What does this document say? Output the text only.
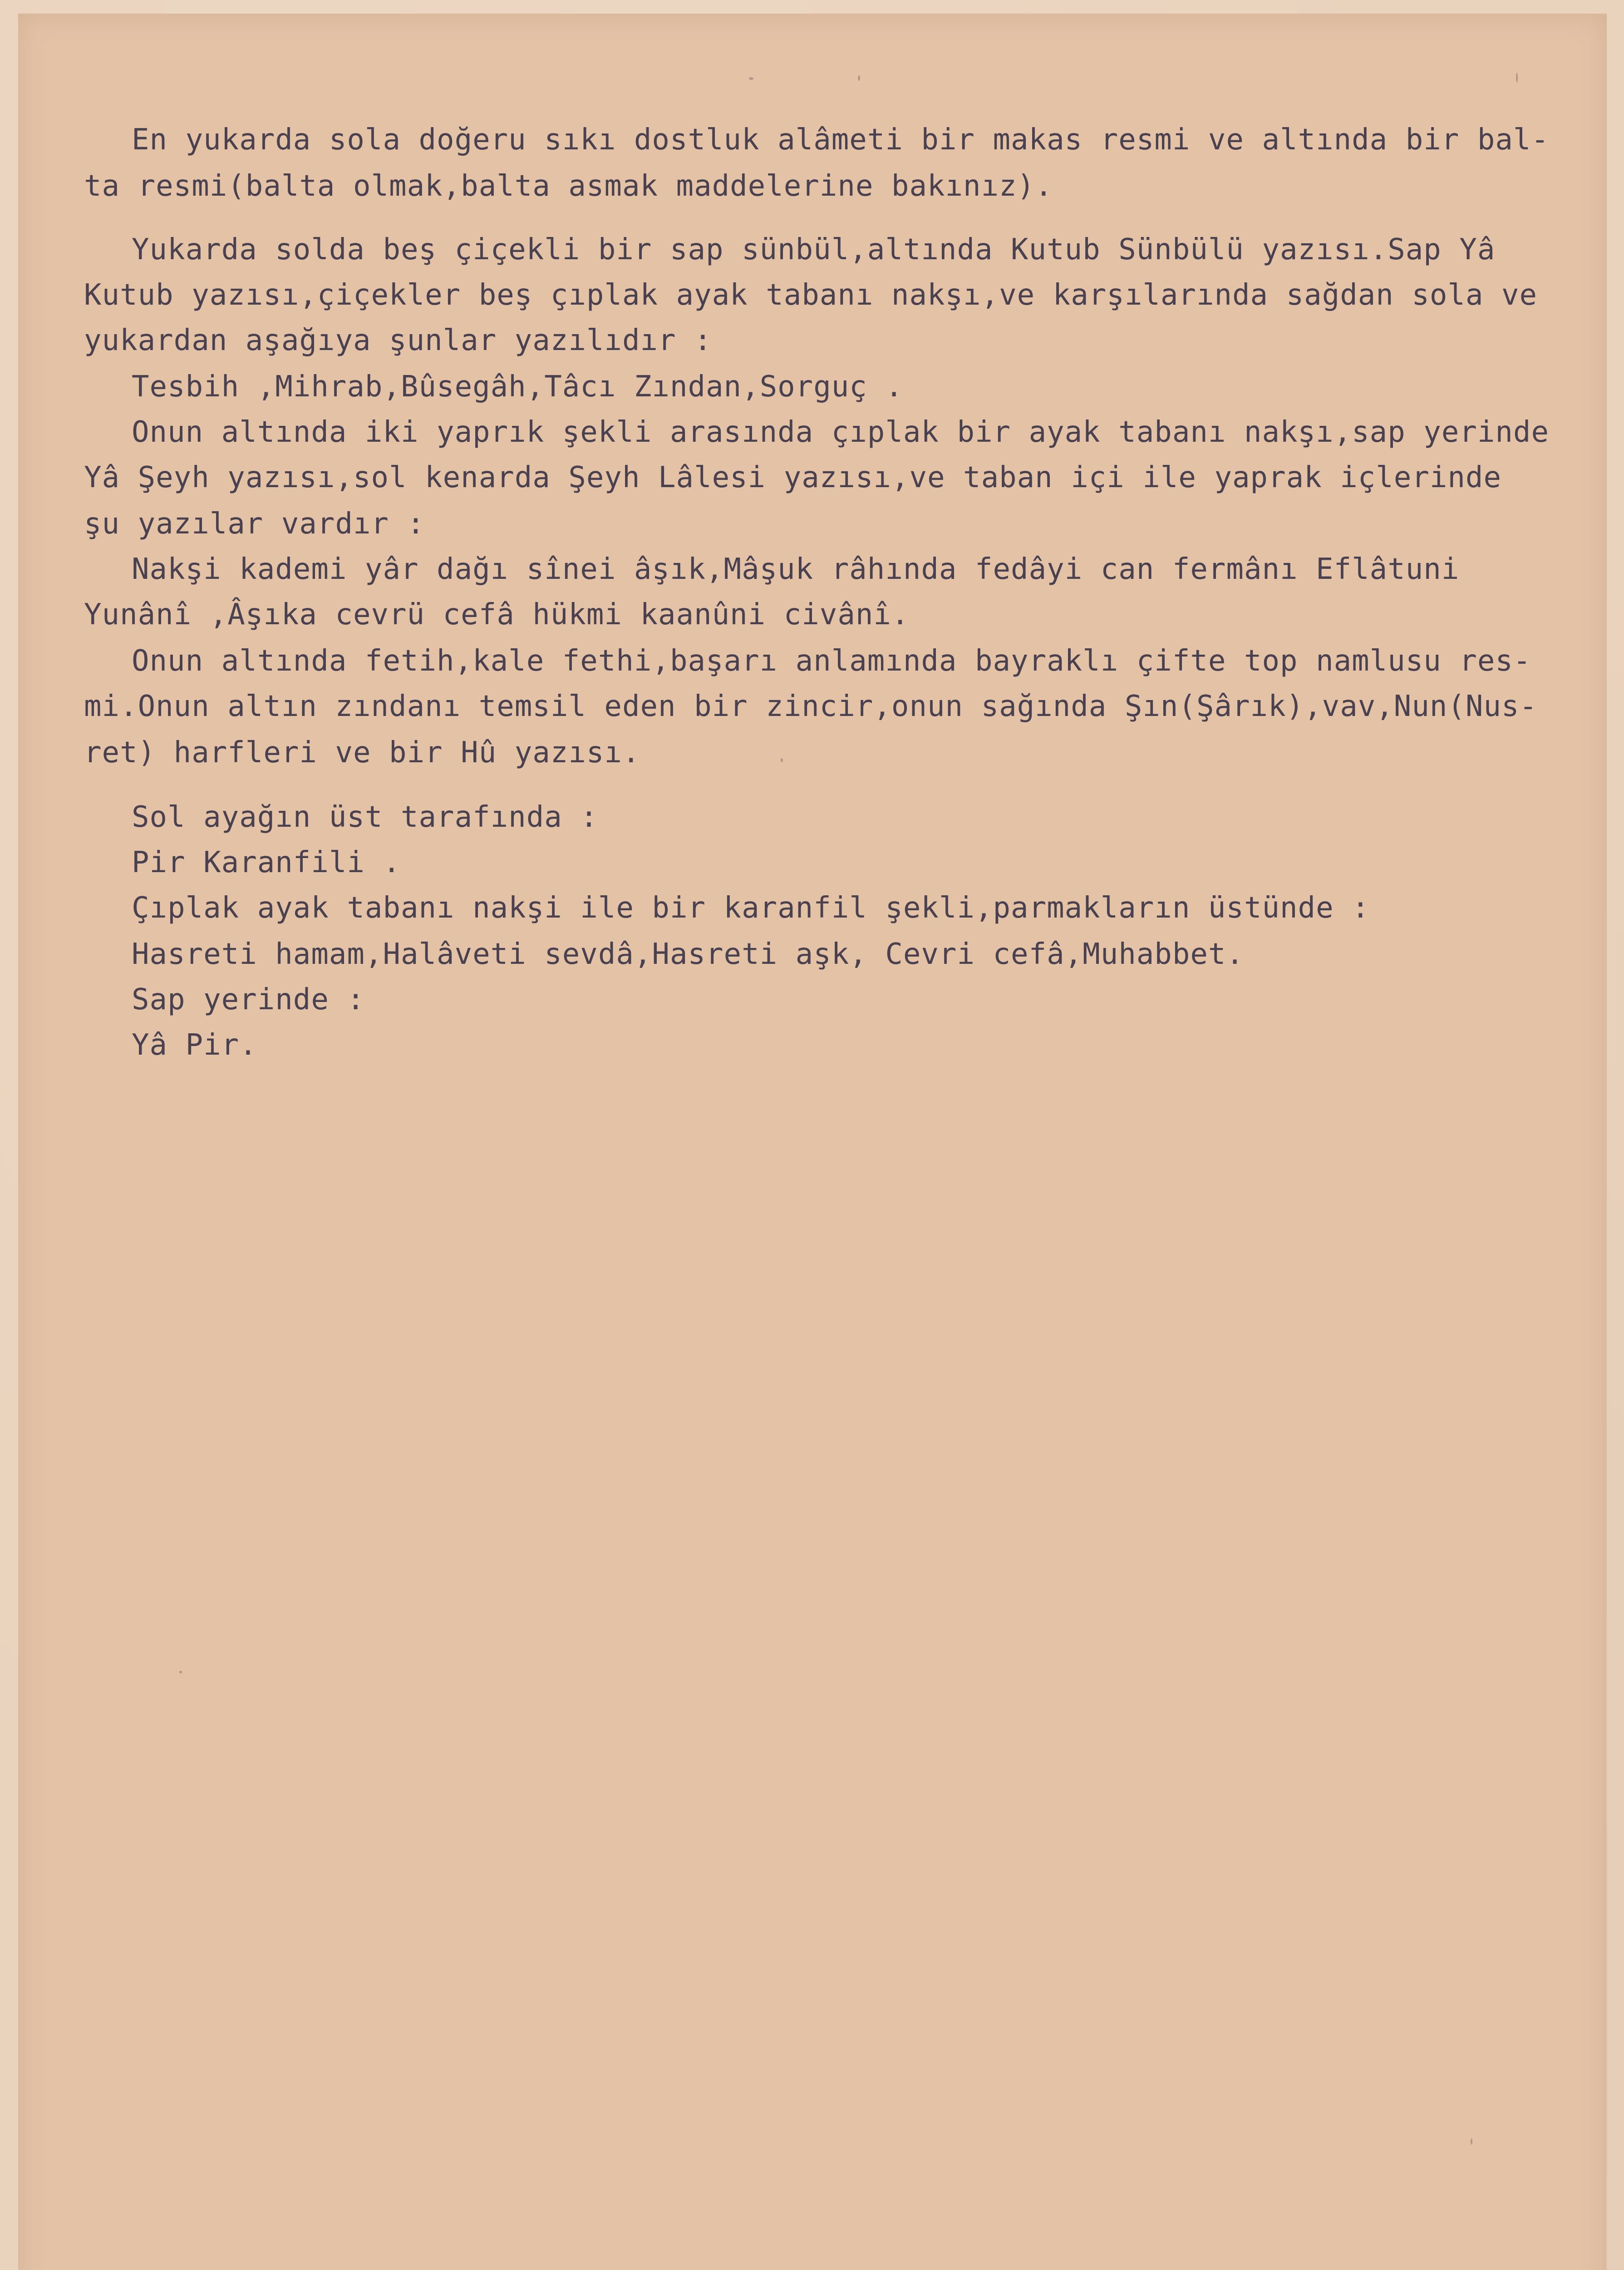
En yukarda sola doğeru sıkı dostluk alâmeti bir makas resmi ve altında bir bal-
ta resmi(balta olmak,balta asmak maddelerine bakınız).
Yukarda solda beş çiçekli bir sap sünbül,altında Kutub Sünbülü yazısı.Sap Yâ
Kutub yazısı,çiçekler beş çıplak ayak tabanı nakşı,ve karşılarında sağdan sola ve
yukardan aşağıya şunlar yazılıdır :
Tesbih ,Mihrab,Bûsegâh,Tâcı Zından,Sorguç .
Onun altında iki yaprık şekli arasında çıplak bir ayak tabanı nakşı,sap yerinde
Yâ Şeyh yazısı,sol kenarda Şeyh Lâlesi yazısı,ve taban içi ile yaprak içlerinde
şu yazılar vardır :
Nakşi kademi yâr dağı sînei âşık,Mâşuk râhında fedâyi can fermânı Eflâtuni
Yunânî ,Âşıka cevrü cefâ hükmi kaanûni civânî.
Onun altında fetih,kale fethi,başarı anlamında bayraklı çifte top namlusu res-
mi.Onun altın zındanı temsil eden bir zincir,onun sağında Şın(Şârık),vav,Nun(Nus-
ret) harfleri ve bir Hû yazısı.
Sol ayağın üst tarafında :
Pir Karanfili .
Çıplak ayak tabanı nakşi ile bir karanfil şekli,parmakların üstünde :
Hasreti hamam,Halâveti sevdâ,Hasreti aşk, Cevri cefâ,Muhabbet.
Sap yerinde :
Yâ Pir.
